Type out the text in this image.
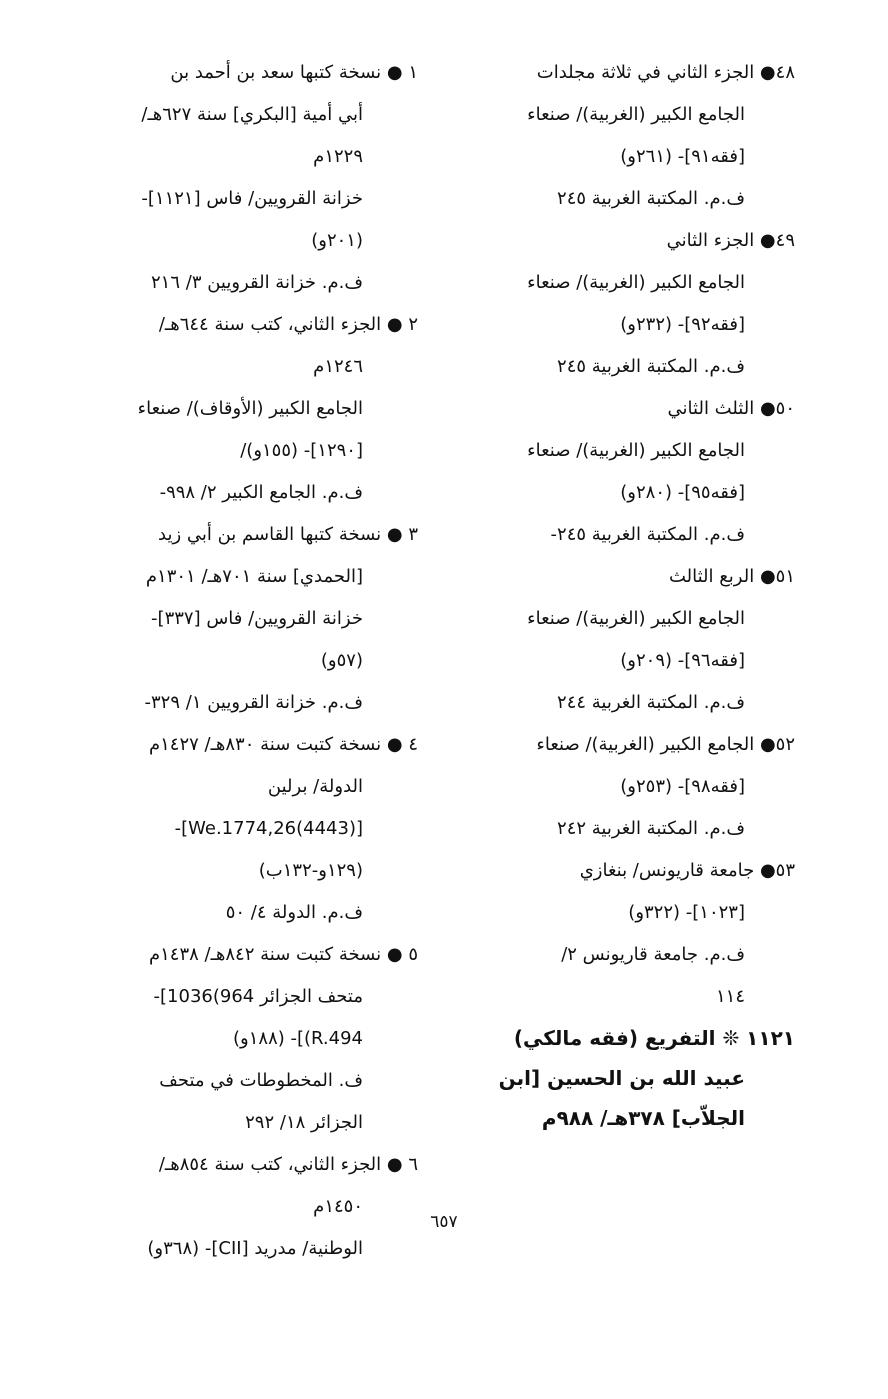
٤٨● الجزء الثاني في ثلاثة مجلدات
الجامع الكبير (الغربية)/ صنعاء
[فقه٩١]- (٢٦١و)
ف.م. المكتبة الغربية ٢٤٥
٤٩● الجزء الثاني
الجامع الكبير (الغربية)/ صنعاء
[فقه٩٢]- (٢٣٢و)
ف.م. المكتبة الغربية ٢٤٥
٥٠● الثلث الثاني
الجامع الكبير (الغربية)/ صنعاء
[فقه٩٥]- (٢٨٠و)
ف.م. المكتبة الغربية ٢٤٥-
٥١● الربع الثالث
الجامع الكبير (الغربية)/ صنعاء
[فقه٩٦]- (٢٠٩و)
ف.م. المكتبة الغربية ٢٤٤
٥٢● الجامع الكبير (الغربية)/ صنعاء
[فقه٩٨]- (٢٥٣و)
ف.م. المكتبة الغربية ٢٤٢
٥٣● جامعة قاريونس/ بنغازي
[١٠٢٣]- (٣٢٢و)
ف.م. جامعة قاريونس ٢/
١١٤
١١٢١ ❊ التفريع (فقه مالكي)
عبيد الله بن الحسين [ابن
الجلاّب] ٣٧٨هـ/ ٩٨٨م
١ ● نسخة كتبها سعد بن أحمد بن
أبي أمية [البكري] سنة ٦٢٧هـ/
١٢٢٩م
خزانة القرويين/ فاس [١١٢١]-
(٢٠١و)
ف.م. خزانة القرويين ٣/ ٢١٦
٢ ● الجزء الثاني، كتب سنة ٦٤٤هـ/
١٢٤٦م
الجامع الكبير (الأوقاف)/ صنعاء
[١٢٩٠]- (١٥٥و)/
ف.م. الجامع الكبير ٢/ ٩٩٨-
٣ ● نسخة كتبها القاسم بن أبي زيد
[الحمدي] سنة ٧٠١هـ/ ١٣٠١م
خزانة القرويين/ فاس [٣٣٧]-
(٥٧و)
ف.م. خزانة القرويين ١/ ٣٢٩-
٤ ● نسخة كتبت سنة ٨٣٠هـ/ ١٤٢٧م
الدولة/ برلين
[(4443)We.1774,26]-
(١٢٩و-١٣٢ب)
ف.م. الدولة ٤/ ٥٠
٥ ● نسخة كتبت سنة ٨٤٢هـ/ ١٤٣٨م
متحف الجزائر 964)1036]-
R.494)]- (١٨٨و)
ف. المخطوطات في متحف
الجزائر ١٨/ ٢٩٢
٦ ● الجزء الثاني، كتب سنة ٨٥٤هـ/
١٤٥٠م
الوطنية/ مدريد [CII]- (٣٦٨و)
٦٥٧
